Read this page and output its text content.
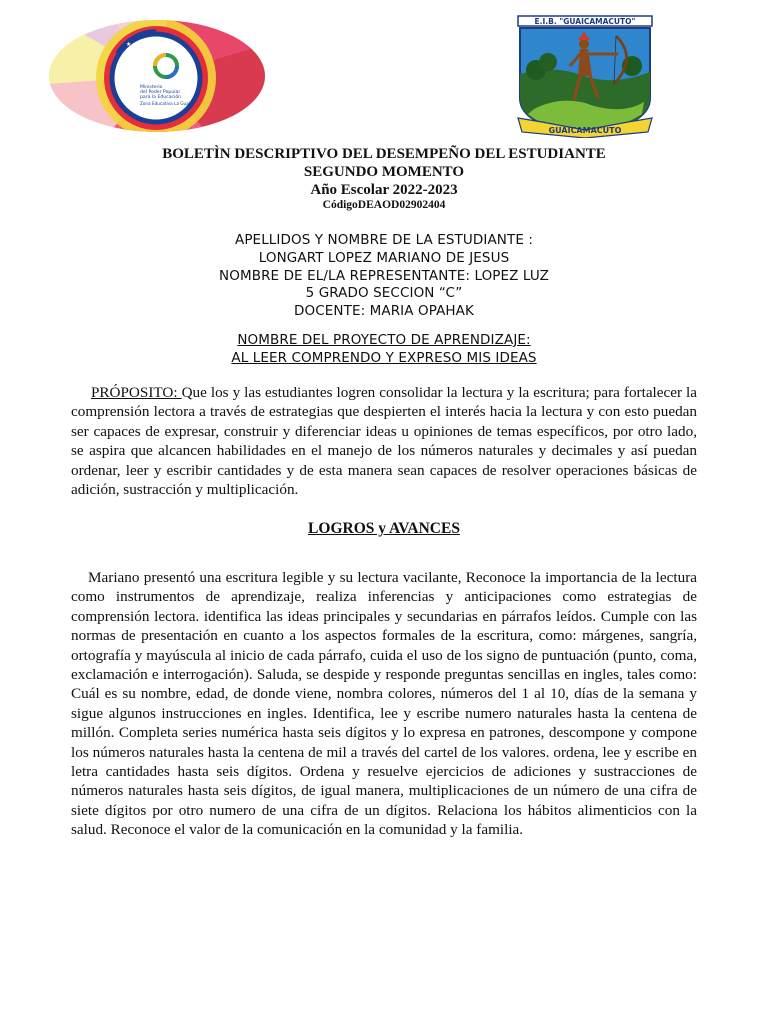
★ ★ ★ ★ ★
Ministerio
del Poder Popular
para la Educación
Zona Educativa La Guaira
E.I.B. "GUAICAMACUTO"
GUAICAMACUTO
BOLETÌN DESCRIPTIVO DEL DESEMPEÑO DEL ESTUDIANTE
SEGUNDO MOMENTO
Año Escolar 2022-2023
CódigoDEAOD02902404
APELLIDOS Y NOMBRE DE LA ESTUDIANTE :
LONGART LOPEZ MARIANO DE JESUS
NOMBRE DE EL/LA REPRESENTANTE: LOPEZ LUZ
5 GRADO SECCION “C”
DOCENTE: MARIA OPAHAK
NOMBRE DEL PROYECTO DE APRENDIZAJE:
AL LEER COMPRENDO Y EXPRESO MIS IDEAS
PRÓPOSITO: Que los y las estudiantes logren consolidar la lectura y la escritura; para fortalecer la comprensión lectora a través de estrategias que despierten el interés hacia la lectura y con esto puedan ser capaces de expresar, construir y diferenciar ideas u opiniones de temas específicos, por otro lado, se aspira que alcancen habilidades en el manejo de los números naturales y decimales y así puedan ordenar, leer y escribir cantidades y de esta manera sean capaces de resolver operaciones básicas de adición, sustracción y multiplicación.
LOGROS y AVANCES
Mariano presentó una escritura legible y su lectura vacilante, Reconoce la importancia de la lectura como instrumentos de aprendizaje, realiza inferencias y anticipaciones como estrategias de comprensión lectora. identifica las ideas principales y secundarias en párrafos leídos. Cumple con las normas de presentación en cuanto a los aspectos formales de la escritura, como: márgenes, sangría, ortografía y mayúscula al inicio de cada párrafo, cuida el uso de los signo de puntuación (punto, coma, exclamación e interrogación). Saluda, se despide y responde preguntas sencillas en ingles, tales como: Cuál es su nombre, edad, de donde viene, nombra colores, números del 1 al 10, días de la semana y sigue algunos instrucciones en ingles. Identifica, lee y escribe numero naturales hasta la centena de millón. Completa series numérica hasta seis dígitos y lo expresa en patrones, descompone y compone los números naturales hasta la centena de mil a través del cartel de los valores. ordena, lee y escribe en letra cantidades hasta seis dígitos. Ordena y resuelve ejercicios de adiciones y sustracciones de números naturales hasta seis dígitos, de igual manera, multiplicaciones de un número de una cifra de siete dígitos por otro numero de una cifra de un dígitos. Relaciona los hábitos alimenticios con la salud. Reconoce el valor de la comunicación en la comunidad y la familia.
